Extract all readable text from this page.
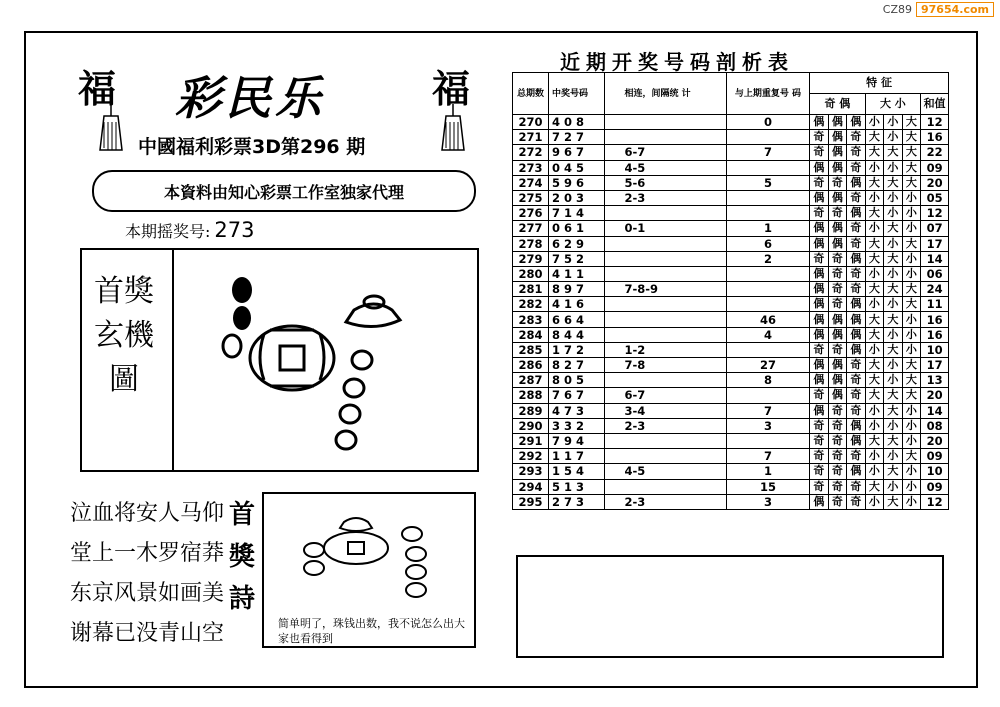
CZ89 97654.com
福	福
彩民乐
中國福利彩票3D第296 期
本資料由知心彩票工作室独家代理
本期摇奖号: 273
首獎玄機圖
泣血将安人马仰
堂上一木罗宿莽
东京风景如画美
谢幕已没青山空
首獎詩
简单明了，珠钱出数，我不说怎么出大家也看得到
近期开奖号码剖析表
总期数	中奖号码	相连，间隔统 计	与上期重复号 码	特 征						
				奇 偶			大 小			和值
270	408		0	偶	偶	偶	小	小	大	12
271	727			奇	偶	奇	大	小	大	16
272	967	6-7	7	奇	偶	奇	大	大	大	22
273	045	4-5		偶	偶	奇	小	小	大	09
274	596	5-6	5	奇	奇	偶	大	大	大	20
275	203	2-3		偶	偶	奇	小	小	小	05
276	714			奇	奇	偶	大	小	小	12
277	061	0-1	1	偶	偶	奇	小	大	小	07
278	629		6	偶	偶	奇	大	小	大	17
279	752		2	奇	奇	偶	大	大	小	14
280	411			偶	奇	奇	小	小	小	06
281	897	7-8-9		偶	奇	奇	大	大	大	24
282	416			偶	奇	偶	小	小	大	11
283	664		46	偶	偶	偶	大	大	小	16
284	844		4	偶	偶	偶	大	小	小	16
285	172	1-2		奇	奇	偶	小	大	小	10
286	827	7-8	27	偶	偶	奇	大	小	大	17
287	805		8	偶	偶	奇	大	小	大	13
288	767	6-7		奇	偶	奇	大	大	大	20
289	473	3-4	7	偶	奇	奇	小	大	小	14
290	332	2-3	3	奇	奇	偶	小	小	小	08
291	794			奇	奇	偶	大	大	小	20
292	117		7	奇	奇	奇	小	小	大	09
293	154	4-5	1	奇	奇	偶	小	大	小	10
294	513		15	奇	奇	奇	大	小	小	09
295	273	2-3	3	偶	奇	奇	小	大	小	12
